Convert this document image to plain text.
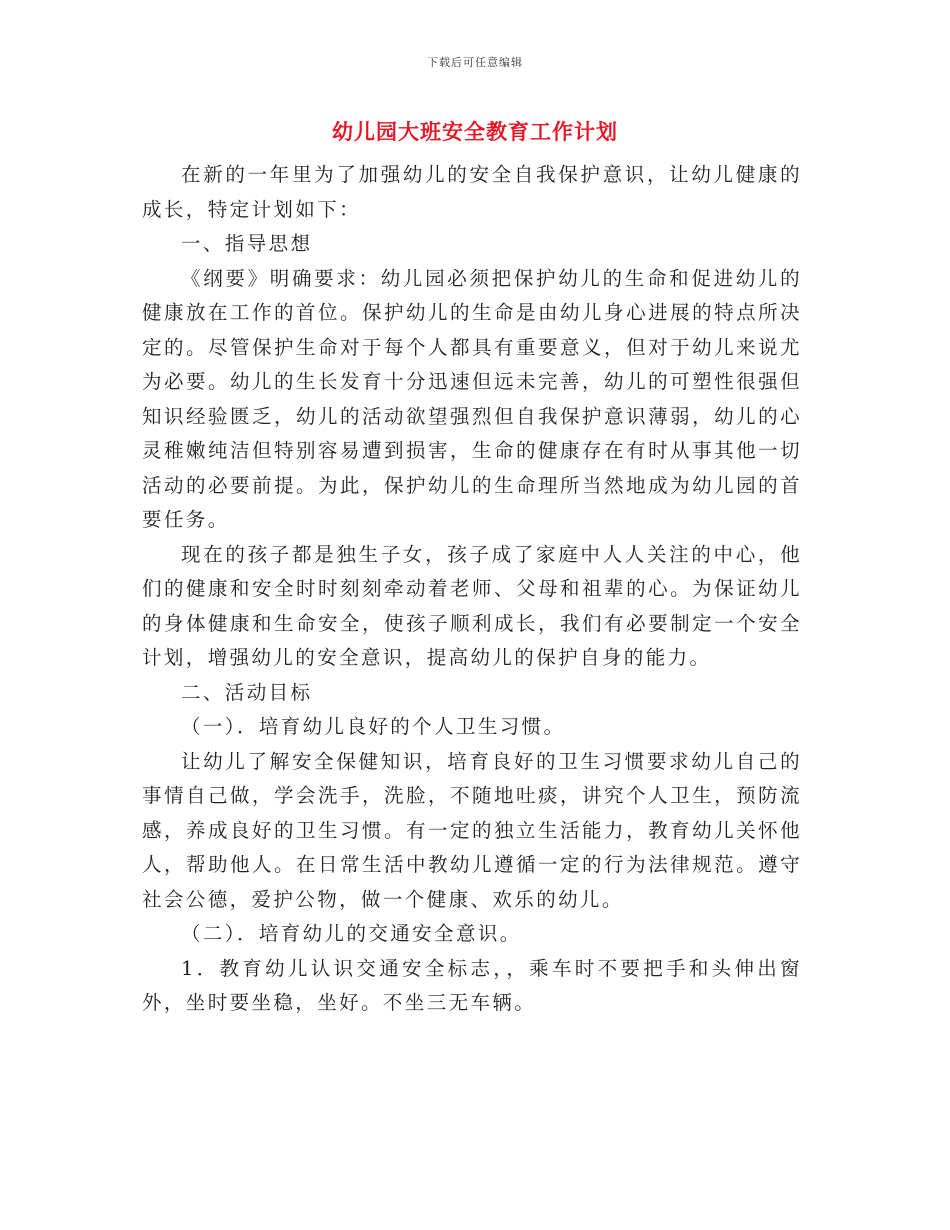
下载后可任意编辑
幼儿园大班安全教育工作计划

在新的一年里为了加强幼儿的安全自我保护意识，让幼儿健康的成长，特定计划如下：

一、指导思想

《纲要》明确要求：幼儿园必须把保护幼儿的生命和促进幼儿的健康放在工作的首位。保护幼儿的生命是由幼儿身心进展的特点所决定的。尽管保护生命对于每个人都具有重要意义，但对于幼儿来说尤为必要。幼儿的生长发育十分迅速但远未完善，幼儿的可塑性很强但知识经验匮乏，幼儿的活动欲望强烈但自我保护意识薄弱，幼儿的心灵稚嫩纯洁但特别容易遭到损害，生命的健康存在有时从事其他一切活动的必要前提。为此，保护幼儿的生命理所当然地成为幼儿园的首要任务。

现在的孩子都是独生子女，孩子成了家庭中人人关注的中心，他们的健康和安全时时刻刻牵动着老师、父母和祖辈的心。为保证幼儿的身体健康和生命安全，使孩子顺利成长，我们有必要制定一个安全计划，增强幼儿的安全意识，提高幼儿的保护自身的能力。

二、活动目标

（一）．培育幼儿良好的个人卫生习惯。

让幼儿了解安全保健知识，培育良好的卫生习惯要求幼儿自己的事情自己做，学会洗手，洗脸，不随地吐痰，讲究个人卫生，预防流感，养成良好的卫生习惯。有一定的独立生活能力，教育幼儿关怀他人，帮助他人。在日常生活中教幼儿遵循一定的行为法律规范。遵守社会公德，爱护公物，做一个健康、欢乐的幼儿。

（二）．培育幼儿的交通安全意识。

1．教育幼儿认识交通安全标志，，乘车时不要把手和头伸出窗外，坐时要坐稳，坐好。不坐三无车辆。
